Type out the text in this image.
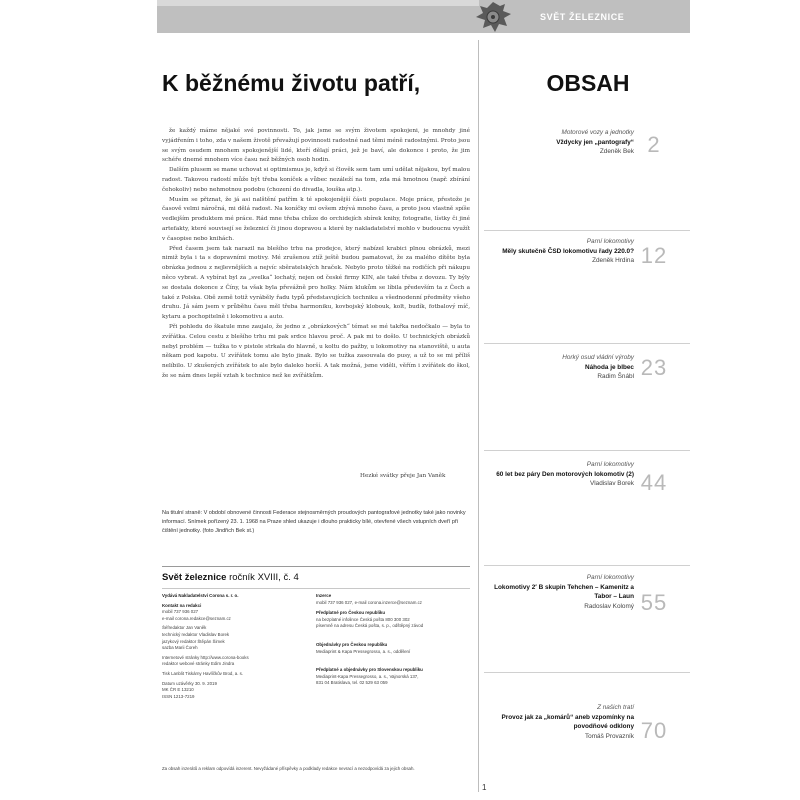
SVĚT ŽELEZNICE
K běžnému životu patří,

že každý máme nějaké své povinnosti. To, jak jsme se svým životem spokojeni, je mnohdy jiné vyjádřením i toho, zda v našem životě převažují povinnosti radostné nad těmi méně radostnými. Proto jsou se svým osudem mnohem spokojenější lidé, kteří dělají práci, jež je baví, ale dokonce i proto, že jim schéře dnemé mnohem více času než běžných osob hodin.

Dalším plusem se mane uchovat si optimismus je, když si člověk sem tam umí udělat nějakou, byť malou radost. Takovou radostí může být třeba koníček a vůbec nezáleží na tom, zda má hmotnou (např. zbírání čehokoliv) nebo nehmotnou podobu (chození do divadla, louška atp.).

Musím se přiznat, že já asi nalštění patřím k té spokojenější části populace. Moje práce, přestože je časově velmi náročná, mi dělá radost. Na koníčky mi ovšem zbývá mnoho času, a proto jsou vlastně spíše vedlejším produktem mé práce. Rád mne třeba chůze do orchidejích sbírek knihy, fotografie, lístky či jiné artefakty, které souvisejí se železnicí či jinou dopravou a které by nakladatelství mohlo v budoucnu využít v časopise nebo knihách.

Před časem jsem tak narazil na blešího trhu na prodejce, který nabízel krabici plnou obrázků, mezi nimiž byla i ta s dopravními motivy. Mé zrušenou ztíž ještě budou pamatovat, že za malého dítěte byla obrázka jednou z nejlevnějších a nejvíc sběratelských hraček. Nebylo proto těžké na rodičích při nákupu něco vybrat. A vybírat byl za „svelka“ lochatý, nejen od české firmy KIN, ale také třeba z dovozu. Ty býly se dostala dokonce z Číny, ta však byla převážně pro holky. Nám klukům se líbila především ta z Čech a také z Polska. Obě země totiž vyráběly řadu typů představujících techniku a všednodenní předměty všeho druhu. Já sám jsem v průběhu času měl třeba harmoniku, kovbojský klobouk, kolt, budík, fotbalový míč, kytaru a pochopitelně i lokomotivu a auto.

Při pohledu do škatule mne zaujalo, že jedno z „obrázkových“ témat se mé takřka nedočkalo — byla to zvířátka. Celou cestu z blešího trhu mi pak srdce hlavou proč. A pak mi to došlo. U technických obrázků nebyl problém — tužka to v pistole strkala do hlavně, u koltu do pažby, u lokomotivy na stanoviště, u auta někam pod kapotu. U zvířátek tomu ale bylo jinak. Bylo se tužka zasouvala do pusy, a už to se mi příliš nelíbilo. U zkušených zvířátek to ale bylo daleko horší. A tak možná, jsme viděli, věřím i zvířátek do škol, že se nám dnes lepší vztah k technice než ke zvířátkům.

Hezké svátky přeje Jan Vaněk
Na titulní straně: V období obnovené činnosti Federace stejnosměrných proudových pantografové jednotky také jako novinky informací. Snímek pořízený 23. 1. 1968 na Praze shled ukazuje i dlouho prakticky bílé, otevřené všech vstupních dveří při čištění jednotky. (foto Jindřich Bek st.)
Svět železnice ročník XVIII, č. 4
Vydává Nakladatelství Corona s. r. o.
Kontakt na redakci
mobil 737 936 027
e-mail corona.redakce@seznam.cz
Šéfredaktor Jan Vaněk
technický redaktor Vladislav Borek
jazykový redaktor Štěpán Šimek
sazba Marii Čoreh
Internetové stránky http://www.corona-books
redaktor webové stránky Edim Jindra
Tisk Lanblit Tiskárny Havlíčkův Brod, a. s.
Datum uzávěrky 30. 9. 2019
MK ČR E 13210
ISSN 1213-7219
Inzerce
mobil 737 936 027, e-mail corona.inzerce@seznam.cz
Předplatné pro Českou republiku
na bezplatné infolince Česká pošta 800 300 302
písemně na adresu Česká pošta, s. p., odštěpný závod
Objednávky pro Českou republiku
Mediaprint & Kapa Pressegrosso, a. s., oddělení
Předplatné a objednávky pro Slovenskou republiku
Mediaprint-Kapa Pressegrosso, a. s., Vajnorská 137,
831 04 Bratislava, tel. 02 529 63 059
Za obsah inzerátů a reklam odpovídá inzerent. Nevyžádané příspěvky a podklady redakce nevrací a nezodpovídá za jejich obsah.
1
OBSAH
Motorové vozy a jednotky
Vždycky jen „pantografy“
Zdeněk Bek 2
Parní lokomotivy
Měly skutečně ČSD lokomotivu řady 220.0?
Zdeněk Hrdina 12
Horký osud vládní výroby
Náhoda je blbec
Radim Šnábl 23
Parní lokomotivy
60 let bez páry Den motorových lokomotiv (2)
Vladislav Borek 44
Parní lokomotivy
Lokomotivy 2′ B skupin Tehchen – Kamenitz a Tabor – Laun
Radoslav Kolomý 55
Z našich tratí
Provoz jak za „komárů“ aneb vzpomínky na povodňové odklony
Tomáš Provazník 70
